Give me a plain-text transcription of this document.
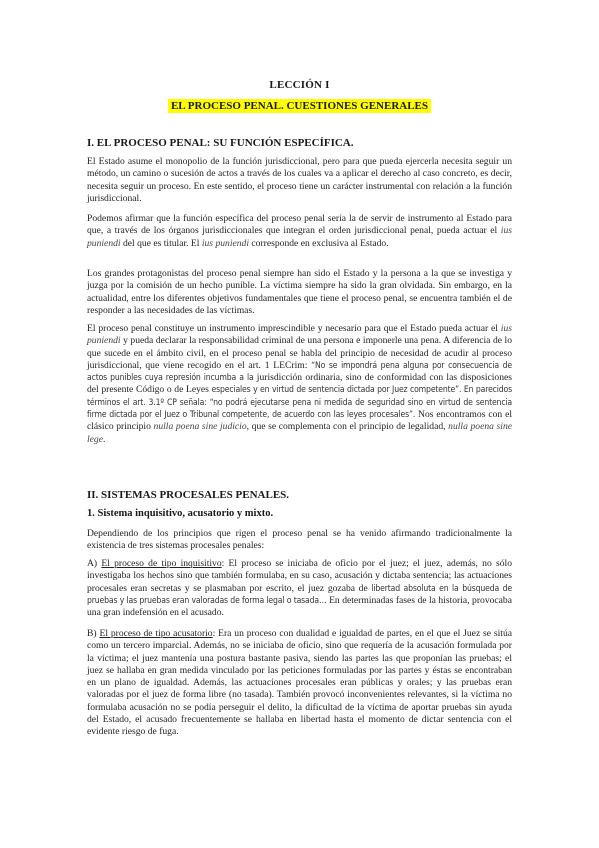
LECCIÓN I
EL PROCESO PENAL. CUESTIONES GENERALES

I. EL PROCESO PENAL: SU FUNCIÓN ESPECÍFICA.

El Estado asume el monopolio de la función jurisdiccional, pero para que pueda ejercerla necesita seguir un método, un camino o sucesión de actos a través de los cuales va a aplicar el derecho al caso concreto, es decir, necesita seguir un proceso. En este sentido, el proceso tiene un carácter instrumental con relación a la función jurisdiccional.

Podemos afirmar que la función específica del proceso penal sería la de servir de instrumento al Estado para que, a través de los órganos jurisdiccionales que integran el orden jurisdiccional penal, pueda actuar el ius puniendi del que es titular. El ius puniendi corresponde en exclusiva al Estado.

Los grandes protagonistas del proceso penal siempre han sido el Estado y la persona a la que se investiga y juzga por la comisión de un hecho punible. La víctima siempre ha sido la gran olvidada. Sin embargo, en la actualidad, entre los diferentes objetivos fundamentales que tiene el proceso penal, se encuentra también el de responder a las necesidades de las víctimas.

El proceso penal constituye un instrumento imprescindible y necesario para que el Estado pueda actuar el ius puniendi y pueda declarar la responsabilidad criminal de una persona e imponerle una pena. A diferencia de lo que sucede en el ámbito civil, en el proceso penal se habla del principio de necesidad de acudir al proceso jurisdiccional, que viene recogido en el art. 1 LECrim: “No se impondrá pena alguna por consecuencia de actos punibles cuya represión incumba a la jurisdicción ordinaria, sino de conformidad con las disposiciones del presente Código o de Leyes especiales y en virtud de sentencia dictada por Juez competente”. En parecidos términos el art. 3.1º CP señala: “no podrá ejecutarse pena ni medida de seguridad sino en virtud de sentencia firme dictada por el Juez o Tribunal competente, de acuerdo con las leyes procesales”. Nos encontramos con el clásico principio nulla poena sine judicio, que se complementa con el principio de legalidad, nulla poena sine lege.

II. SISTEMAS PROCESALES PENALES.

1. Sistema inquisitivo, acusatorio y mixto.

Dependiendo de los principios que rigen el proceso penal se ha venido afirmando tradicionalmente la existencia de tres sistemas procesales penales:

A) El proceso de tipo inquisitivo: El proceso se iniciaba de oficio por el juez; el juez, además, no sólo investigaba los hechos sino que también formulaba, en su caso, acusación y dictaba sentencia; las actuaciones procesales eran secretas y se plasmaban por escrito, el juez gozaba de libertad absoluta en la búsqueda de pruebas y las pruebas eran valoradas de forma legal o tasada… En determinadas fases de la historia, provocaba una gran indefensión en el acusado.

B) El proceso de tipo acusatorio: Era un proceso con dualidad e igualdad de partes, en el que el Juez se sitúa como un tercero imparcial. Además, no se iniciaba de oficio, sino que requería de la acusación formulada por la víctima; el juez mantenía una postura bastante pasiva, siendo las partes las que proponían las pruebas; el juez se hallaba en gran medida vinculado por las peticiones formuladas por las partes y éstas se encontraban en un plano de igualdad. Además, las actuaciones procesales eran públicas y orales; y las pruebas eran valoradas por el juez de forma libre (no tasada). También provocó inconvenientes relevantes, si la víctima no formulaba acusación no se podía perseguir el delito, la dificultad de la víctima de aportar pruebas sin ayuda del Estado, el acusado frecuentemente se hallaba en libertad hasta el momento de dictar sentencia con el evidente riesgo de fuga.
